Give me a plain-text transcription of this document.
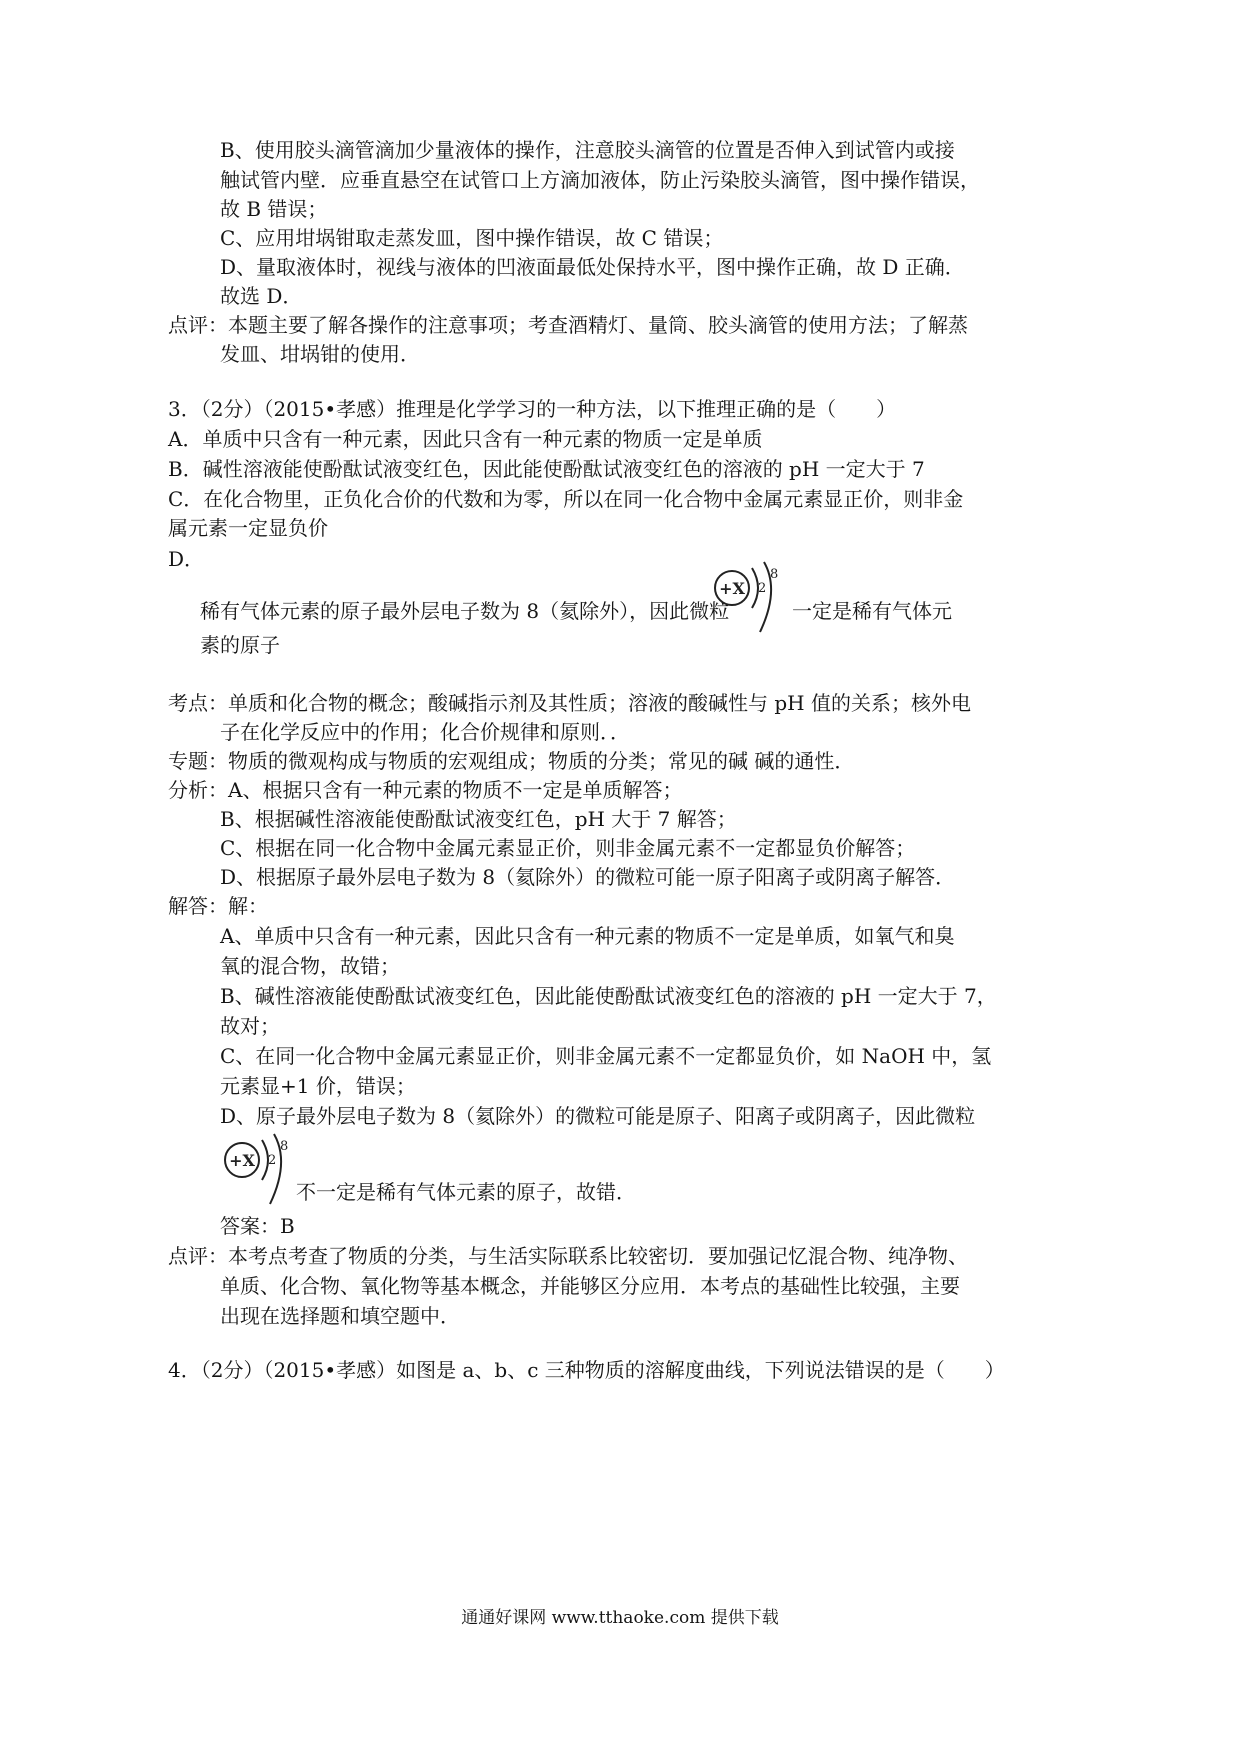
B、使用胶头滴管滴加少量液体的操作，注意胶头滴管的位置是否伸入到试管内或接
触试管内壁．应垂直悬空在试管口上方滴加液体，防止污染胶头滴管，图中操作错误，
故 B 错误；
C、应用坩埚钳取走蒸发皿，图中操作错误，故 C 错误；
D、量取液体时，视线与液体的凹液面最低处保持水平，图中操作正确，故 D 正确．
故选 D．
点评：本题主要了解各操作的注意事项；考查酒精灯、量筒、胶头滴管的使用方法；了解蒸
发皿、坩埚钳的使用．
3．（2分）（2015•孝感）推理是化学学习的一种方法，以下推理正确的是（　　）
A．单质中只含有一种元素，因此只含有一种元素的物质一定是单质
B．碱性溶液能使酚酞试液变红色，因此能使酚酞试液变红色的溶液的 pH 一定大于 7
C．在化合物里，正负化合价的代数和为零，所以在同一化合物中金属元素显正价，则非金
属元素一定显负价
D．
稀有气体元素的原子最外层电子数为 8（氦除外），因此微粒
+X 2
8
一定是稀有气体元
素的原子
考点：单质和化合物的概念；酸碱指示剂及其性质；溶液的酸碱性与 pH 值的关系；核外电
子在化学反应中的作用；化合价规律和原则．．
专题：物质的微观构成与物质的宏观组成；物质的分类；常见的碱 碱的通性．
分析：A、根据只含有一种元素的物质不一定是单质解答；
B、根据碱性溶液能使酚酞试液变红色，pH 大于 7 解答；
C、根据在同一化合物中金属元素显正价，则非金属元素不一定都显负价解答；
D、根据原子最外层电子数为 8（氦除外）的微粒可能一原子阳离子或阴离子解答．
解答：解：
A、单质中只含有一种元素，因此只含有一种元素的物质不一定是单质，如氧气和臭
氧的混合物，故错；
B、碱性溶液能使酚酞试液变红色，因此能使酚酞试液变红色的溶液的 pH 一定大于 7，
故对；
C、在同一化合物中金属元素显正价，则非金属元素不一定都显负价，如 NaOH 中，氢
元素显+1 价，错误；
D、原子最外层电子数为 8（氦除外）的微粒可能是原子、阳离子或阴离子，因此微粒
+X 2
8
不一定是稀有气体元素的原子，故错．
答案：B
点评：本考点考查了物质的分类，与生活实际联系比较密切．要加强记忆混合物、纯净物、
单质、化合物、氧化物等基本概念，并能够区分应用．本考点的基础性比较强，主要
出现在选择题和填空题中．
4．（2分）（2015•孝感）如图是 a、b、c 三种物质的溶解度曲线，下列说法错误的是（　　）
通通好课网 www.tthaoke.com 提供下载
